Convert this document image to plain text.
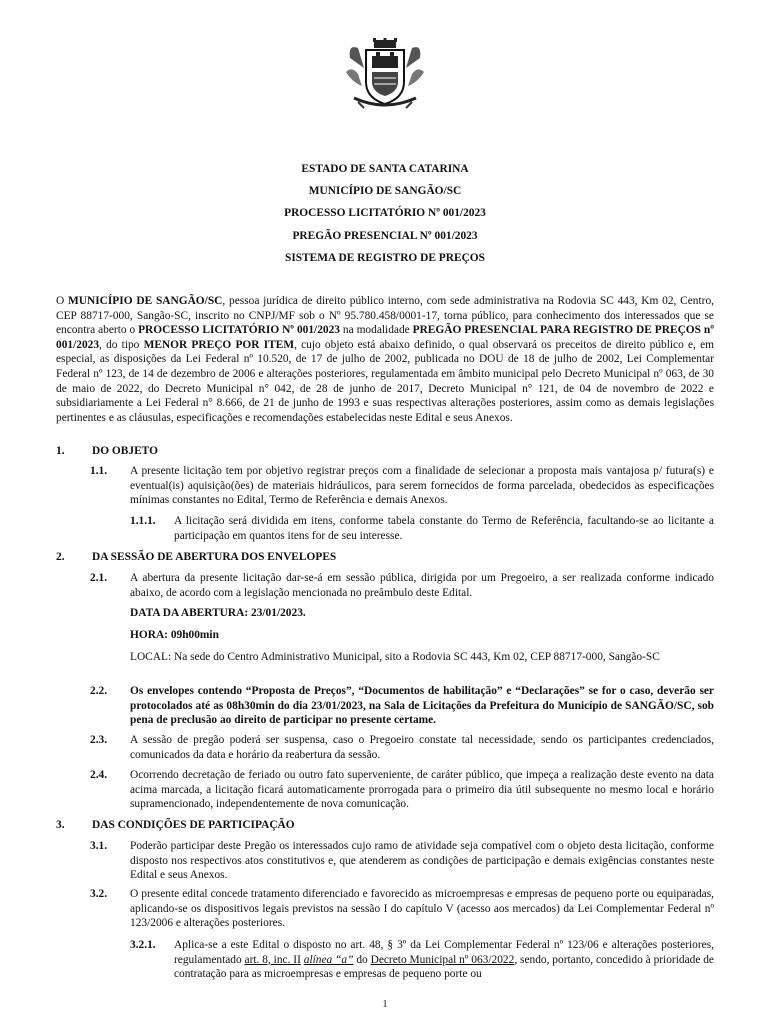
ESTADO DE SANTA CATARINA
MUNICÍPIO DE SANGÃO/SC
PROCESSO LICITATÓRIO Nº 001/2023
PREGÃO PRESENCIAL Nº 001/2023
SISTEMA DE REGISTRO DE PREÇOS
O MUNICÍPIO DE SANGÃO/SC, pessoa jurídica de direito público interno, com sede administrativa na Rodovia SC 443, Km 02, Centro, CEP 88717-000, Sangão-SC, inscrito no CNPJ/MF sob o Nº 95.780.458/0001-17, torna público, para conhecimento dos interessados que se encontra aberto o PROCESSO LICITATÓRIO Nº 001/2023 na modalidade PREGÃO PRESENCIAL PARA REGISTRO DE PREÇOS nº 001/2023, do tipo MENOR PREÇO POR ITEM, cujo objeto está abaixo definido, o qual observará os preceitos de direito público e, em especial, as disposições da Lei Federal nº 10.520, de 17 de julho de 2002, publicada no DOU de 18 de julho de 2002, Lei Complementar Federal nº 123, de 14 de dezembro de 2006 e alterações posteriores, regulamentada em âmbito municipal pelo Decreto Municipal nº 063, de 30 de maio de 2022, do Decreto Municipal n° 042, de 28 de junho de 2017, Decreto Municipal n° 121, de 04 de novembro de 2022 e subsidiariamente a Lei Federal n° 8.666, de 21 de junho de 1993 e suas respectivas alterações posteriores, assim como as demais legislações pertinentes e as cláusulas, especificações e recomendações estabelecidas neste Edital e seus Anexos.
1. DO OBJETO
1.1. A presente licitação tem por objetivo registrar preços com a finalidade de selecionar a proposta mais vantajosa p/ futura(s) e eventual(is) aquisição(ões) de materiais hidráulicos, para serem fornecidos de forma parcelada, obedecidos as especificações mínimas constantes no Edital, Termo de Referência e demais Anexos.
1.1.1. A licitação será dividida em itens, conforme tabela constante do Termo de Referência, facultando-se ao licitante a participação em quantos itens for de seu interesse.
2. DA SESSÃO DE ABERTURA DOS ENVELOPES
2.1. A abertura da presente licitação dar-se-á em sessão pública, dirigida por um Pregoeiro, a ser realizada conforme indicado abaixo, de acordo com a legislação mencionada no preâmbulo deste Edital.
DATA DA ABERTURA: 23/01/2023.
HORA: 09h00min
LOCAL: Na sede do Centro Administrativo Municipal, sito a Rodovia SC 443, Km 02, CEP 88717-000, Sangão-SC
2.2. Os envelopes contendo “Proposta de Preços”, “Documentos de habilitação” e “Declarações” se for o caso, deverão ser protocolados até as 08h30min do dia 23/01/2023, na Sala de Licitações da Prefeitura do Município de SANGÃO/SC, sob pena de preclusão ao direito de participar no presente certame.
2.3. A sessão de pregão poderá ser suspensa, caso o Pregoeiro constate tal necessidade, sendo os participantes credenciados, comunicados da data e horário da reabertura da sessão.
2.4. Ocorrendo decretação de feriado ou outro fato superveniente, de caráter público, que impeça a realização deste evento na data acima marcada, a licitação ficará automaticamente prorrogada para o primeiro dia útil subsequente no mesmo local e horário supramencionado, independentemente de nova comunicação.
3. DAS CONDIÇÕES DE PARTICIPAÇÃO
3.1. Poderão participar deste Pregão os interessados cujo ramo de atividade seja compatível com o objeto desta licitação, conforme disposto nos respectivos atos constitutivos e, que atenderem as condições de participação e demais exigências constantes neste Edital e seus Anexos.
3.2. O presente edital concede tratamento diferenciado e favorecido as microempresas e empresas de pequeno porte ou equiparadas, aplicando-se os dispositivos legais previstos na sessão I do capítulo V (acesso aos mercados) da Lei Complementar Federal nº 123/2006 e alterações posteriores.
3.2.1. Aplica-se a este Edital o disposto no art. 48, § 3º da Lei Complementar Federal nº 123/06 e alterações posteriores, regulamentado art. 8, inc. II alínea “a” do Decreto Municipal nº 063/2022, sendo, portanto, concedido à prioridade de contratação para as microempresas e empresas de pequeno porte ou
1
